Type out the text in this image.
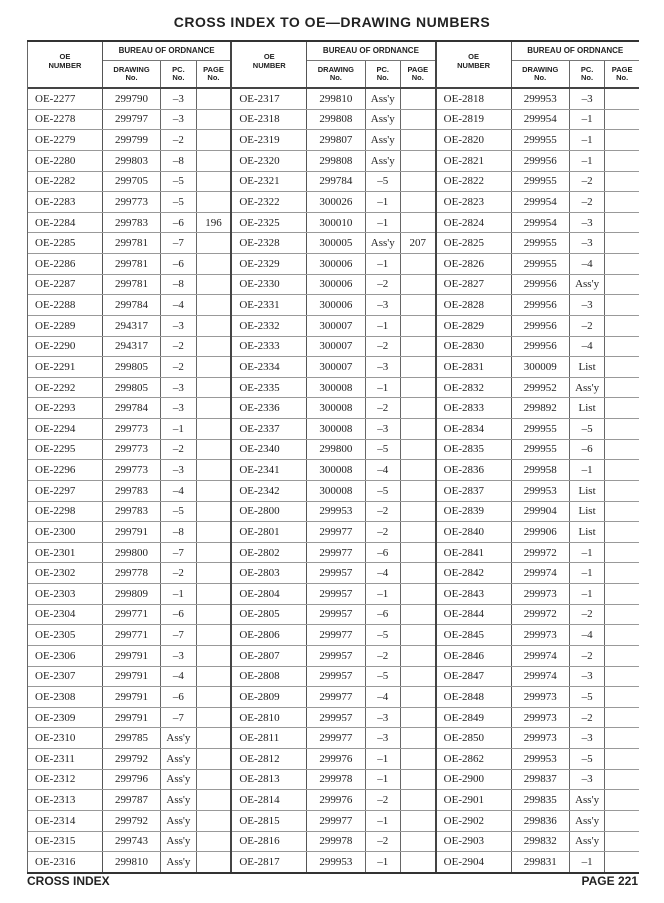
CROSS INDEX TO OE—DRAWING NUMBERS
OE
NUMBER
BUREAU OF ORDNANCE
DRAWING
No.
PC.
No.
PAGE
No.
OE-2277	299790	–3
OE-2278	299797	–3
OE-2279	299799	–2
OE-2280	299803	–8
OE-2282	299705	–5
OE-2283	299773	–5
OE-2284	299783	–6	196
OE-2285	299781	–7
OE-2286	299781	–6
OE-2287	299781	–8
OE-2288	299784	–4
OE-2289	294317	–3
OE-2290	294317	–2
OE-2291	299805	–2
OE-2292	299805	–3
OE-2293	299784	–3
OE-2294	299773	–1
OE-2295	299773	–2
OE-2296	299773	–3
OE-2297	299783	–4
OE-2298	299783	–5
OE-2300	299791	–8
OE-2301	299800	–7
OE-2302	299778	–2
OE-2303	299809	–1
OE-2304	299771	–6
OE-2305	299771	–7
OE-2306	299791	–3
OE-2307	299791	–4
OE-2308	299791	–6
OE-2309	299791	–7
OE-2310	299785	Ass'y
OE-2311	299792	Ass'y
OE-2312	299796	Ass'y
OE-2313	299787	Ass'y
OE-2314	299792	Ass'y
OE-2315	299743	Ass'y
OE-2316	299810	Ass'y
OE
NUMBER
BUREAU OF ORDNANCE
DRAWING
No.
PC.
No.
PAGE
No.
OE-2317	299810	Ass'y
OE-2318	299808	Ass'y
OE-2319	299807	Ass'y
OE-2320	299808	Ass'y
OE-2321	299784	–5
OE-2322	300026	–1
OE-2325	300010	–1
OE-2328	300005	Ass'y	207
OE-2329	300006	–1
OE-2330	300006	–2
OE-2331	300006	–3
OE-2332	300007	–1
OE-2333	300007	–2
OE-2334	300007	–3
OE-2335	300008	–1
OE-2336	300008	–2
OE-2337	300008	–3
OE-2340	299800	–5
OE-2341	300008	–4
OE-2342	300008	–5
OE-2800	299953	–2
OE-2801	299977	–2
OE-2802	299977	–6
OE-2803	299957	–4
OE-2804	299957	–1
OE-2805	299957	–6
OE-2806	299977	–5
OE-2807	299957	–2
OE-2808	299957	–5
OE-2809	299977	–4
OE-2810	299957	–3
OE-2811	299977	–3
OE-2812	299976	–1
OE-2813	299978	–1
OE-2814	299976	–2
OE-2815	299977	–1
OE-2816	299978	–2
OE-2817	299953	–1
OE
NUMBER
BUREAU OF ORDNANCE
DRAWING
No.
PC.
No.
PAGE
No.
OE-2818	299953	–3
OE-2819	299954	–1
OE-2820	299955	–1
OE-2821	299956	–1
OE-2822	299955	–2
OE-2823	299954	–2
OE-2824	299954	–3
OE-2825	299955	–3
OE-2826	299955	–4
OE-2827	299956	Ass'y
OE-2828	299956	–3
OE-2829	299956	–2
OE-2830	299956	–4
OE-2831	300009	List
OE-2832	299952	Ass'y
OE-2833	299892	List
OE-2834	299955	–5
OE-2835	299955	–6
OE-2836	299958	–1
OE-2837	299953	List
OE-2839	299904	List
OE-2840	299906	List
OE-2841	299972	–1
OE-2842	299974	–1
OE-2843	299973	–1
OE-2844	299972	–2
OE-2845	299973	–4
OE-2846	299974	–2
OE-2847	299974	–3
OE-2848	299973	–5
OE-2849	299973	–2
OE-2850	299973	–3
OE-2862	299953	–5
OE-2900	299837	–3
OE-2901	299835	Ass'y
OE-2902	299836	Ass'y
OE-2903	299832	Ass'y
OE-2904	299831	–1
CROSS INDEX	PAGE 221
